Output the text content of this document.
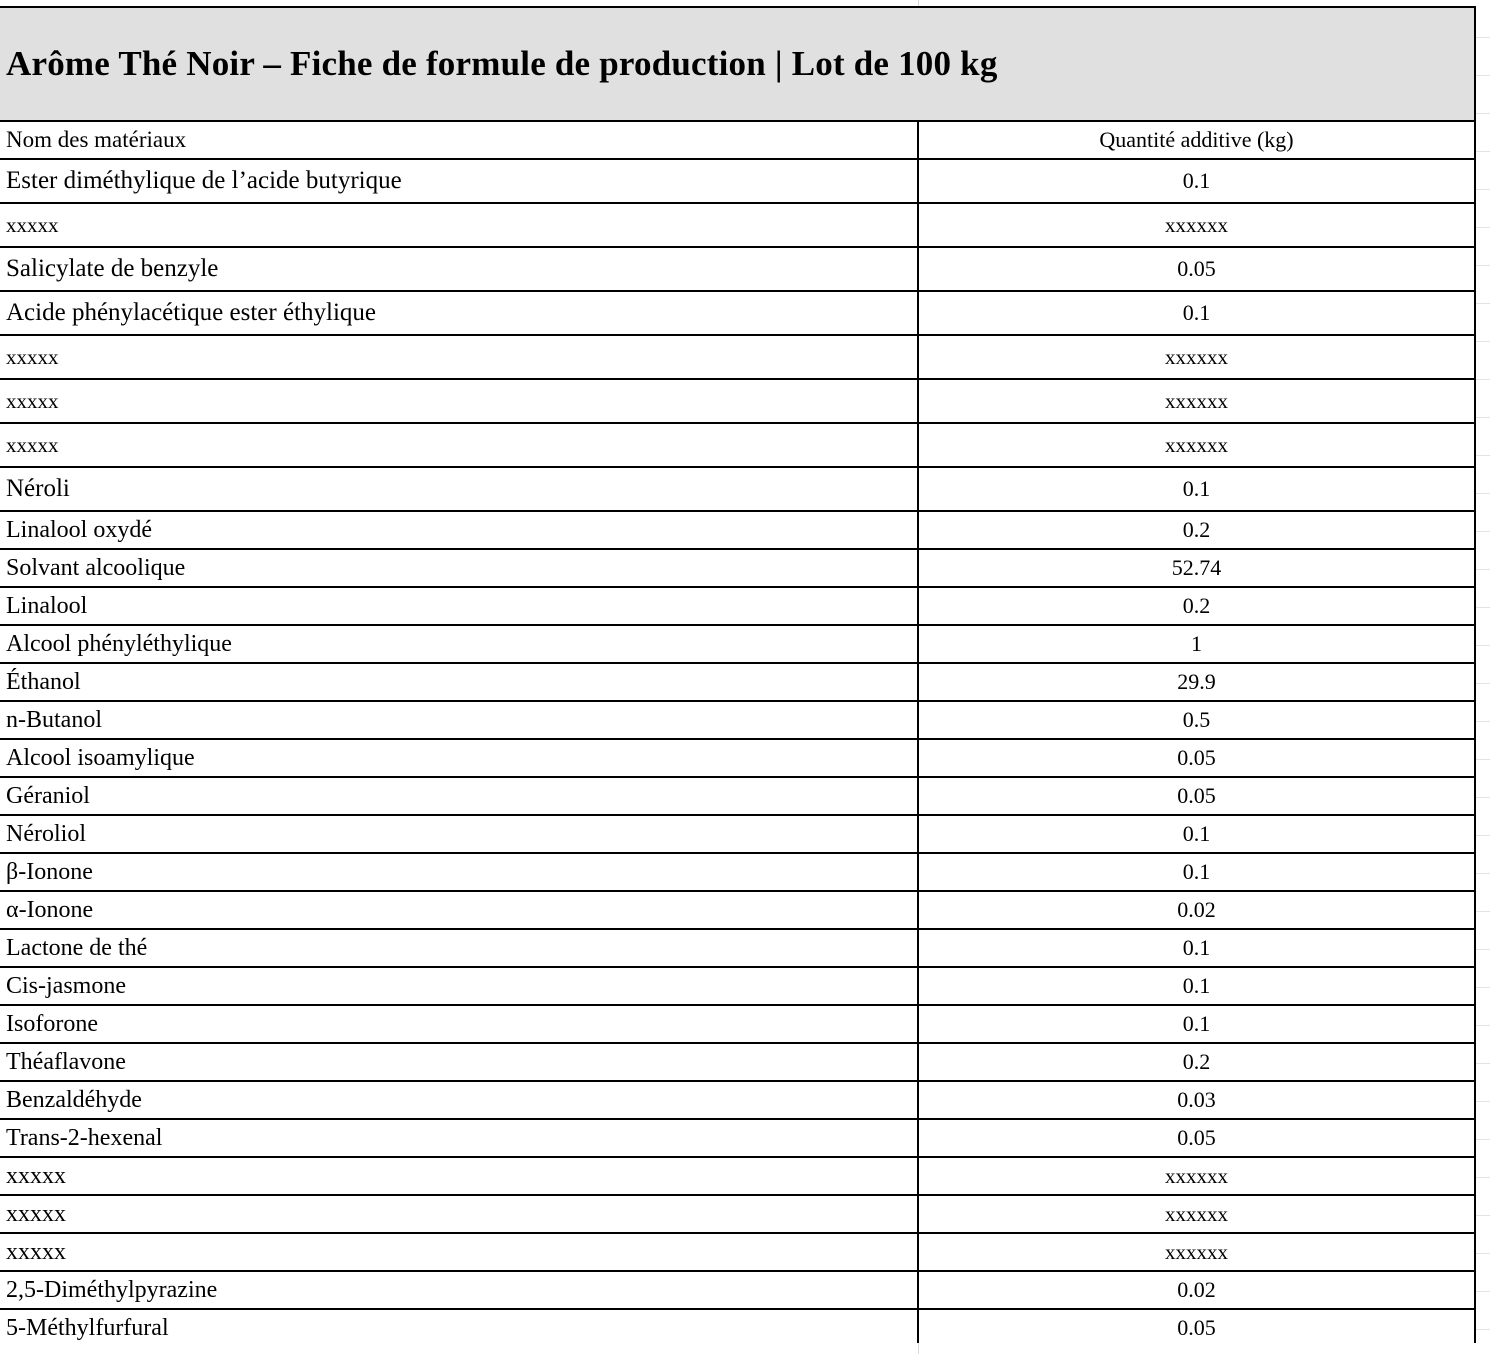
Arôme Thé Noir – Fiche de formule de production | Lot de 100 kg
Nom des matériaux	Quantité additive (kg)
Ester diméthylique de l’acide butyrique	0.1
xxxxx	xxxxxx
Salicylate de benzyle	0.05
Acide phénylacétique ester éthylique	0.1
xxxxx	xxxxxx
xxxxx	xxxxxx
xxxxx	xxxxxx
Néroli	0.1
Linalool oxydé	0.2
Solvant alcoolique	52.74
Linalool	0.2
Alcool phényléthylique	1
Éthanol	29.9
n-Butanol	0.5
Alcool isoamylique	0.05
Géraniol	0.05
Néroliol	0.1
β-Ionone	0.1
α-Ionone	0.02
Lactone de thé	0.1
Cis-jasmone	0.1
Isoforone	0.1
Théaflavone	0.2
Benzaldéhyde	0.03
Trans-2-hexenal	0.05
xxxxx	xxxxxx
xxxxx	xxxxxx
xxxxx	xxxxxx
2,5-Diméthylpyrazine	0.02
5-Méthylfurfural	0.05
